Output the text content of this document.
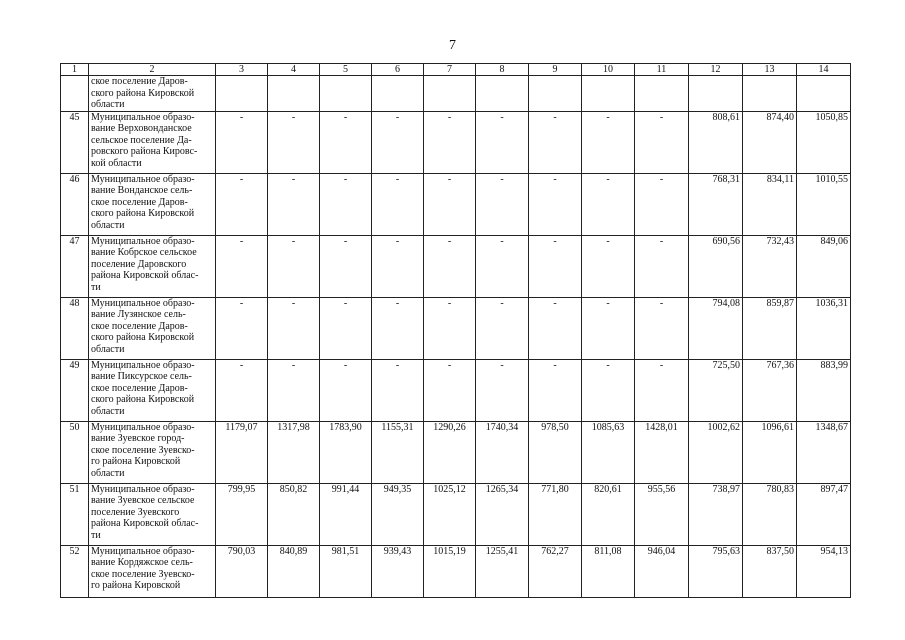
7
1	2	3	4	5	6	7	8	9	10	11	12	13	14

	ское поселение Даров-
ского района Кировской
области												

45	Муниципальное образо-
вание Верховонданское
сельское поселение Да-
ровского района Кировс-
кой области	-	-	-	-	-	-	-	-	-	808,61	874,40	1050,85
46	Муниципальное образо-
вание Вонданское сель-
ское поселение Даров-
ского района Кировской
области	-	-	-	-	-	-	-	-	-	768,31	834,11	1010,55
47	Муниципальное образо-
вание Кобрское сельское
поселение Даровского
района Кировской облас-
ти	-	-	-	-	-	-	-	-	-	690,56	732,43	849,06
48	Муниципальное образо-
вание Лузянское сель-
ское поселение Даров-
ского района Кировской
области	-	-	-	-	-	-	-	-	-	794,08	859,87	1036,31
49	Муниципальное образо-
вание Пиксурское сель-
ское поселение Даров-
ского района Кировской
области	-	-	-	-	-	-	-	-	-	725,50	767,36	883,99
50	Муниципальное образо-
вание Зуевское город-
ское поселение Зуевско-
го района Кировской
области	1179,07	1317,98	1783,90	1155,31	1290,26	1740,34	978,50	1085,63	1428,01	1002,62	1096,61	1348,67
51	Муниципальное образо-
вание Зуевское сельское
поселение Зуевского
района Кировской облас-
ти	799,95	850,82	991,44	949,35	1025,12	1265,34	771,80	820,61	955,56	738,97	780,83	897,47
52	Муниципальное образо-
вание Кордяжское сель-
ское поселение Зуевско-
го района Кировской	790,03	840,89	981,51	939,43	1015,19	1255,41	762,27	811,08	946,04	795,63	837,50	954,13
